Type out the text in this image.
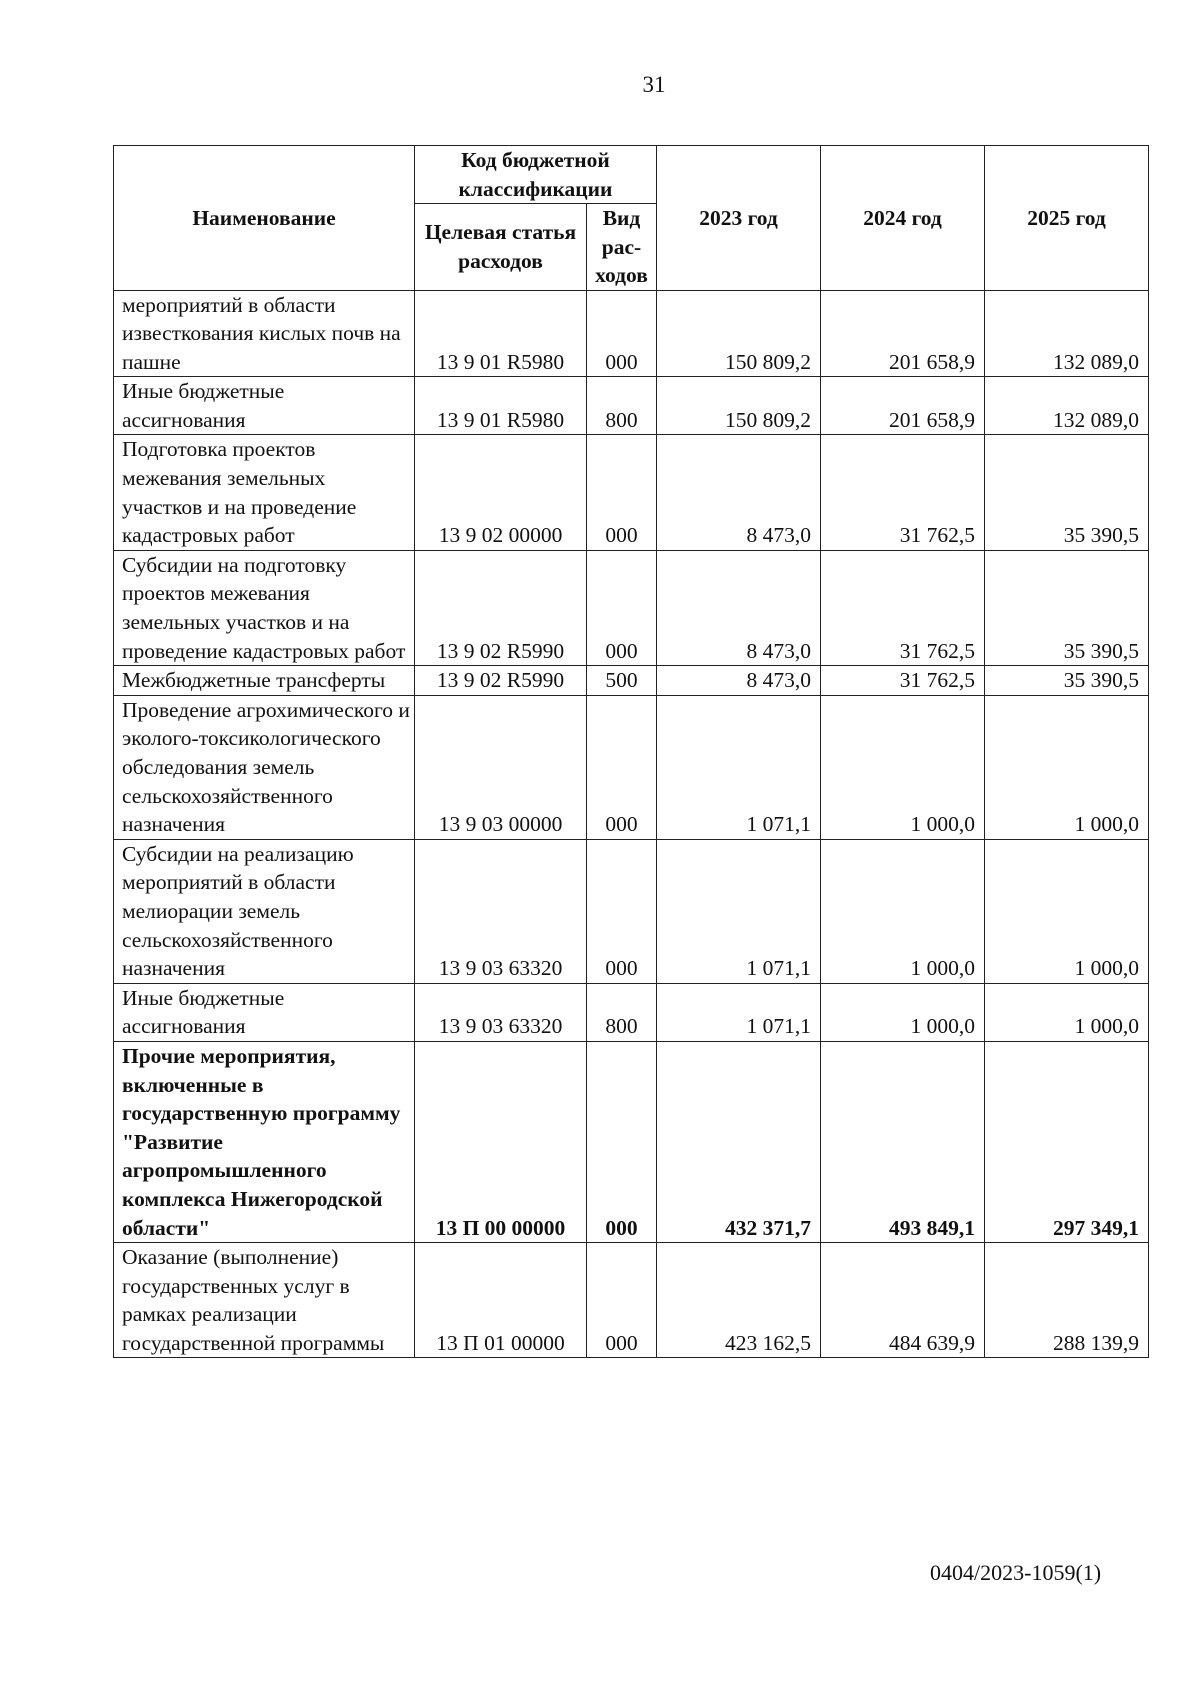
31
Наименование	Код бюджетной классификации		2023 год	2024 год	2025 год
	Целевая статья расходов	Вид рас-ходов			
мероприятий в области известкования кислых почв на пашне	13 9 01 R5980	000	150 809,2	201 658,9	132 089,0
Иные бюджетные ассигнования	13 9 01 R5980	800	150 809,2	201 658,9	132 089,0
Подготовка проектов межевания земельных участков и на проведение кадастровых работ	13 9 02 00000	000	8 473,0	31 762,5	35 390,5
Субсидии на подготовку проектов межевания земельных участков и на проведение кадастровых работ	13 9 02 R5990	000	8 473,0	31 762,5	35 390,5
Межбюджетные трансферты	13 9 02 R5990	500	8 473,0	31 762,5	35 390,5
Проведение агрохимического и эколого-токсикологического обследования земель сельскохозяйственного назначения	13 9 03 00000	000	1 071,1	1 000,0	1 000,0
Субсидии на реализацию мероприятий в области мелиорации земель сельскохозяйственного назначения	13 9 03 63320	000	1 071,1	1 000,0	1 000,0
Иные бюджетные ассигнования	13 9 03 63320	800	1 071,1	1 000,0	1 000,0
Прочие мероприятия, включенные в государственную программу "Развитие агропромышленного комплекса Нижегородской области"	13 П 00 00000	000	432 371,7	493 849,1	297 349,1
Оказание (выполнение) государственных услуг в рамках реализации государственной программы	13 П 01 00000	000	423 162,5	484 639,9	288 139,9
0404/2023-1059(1)
